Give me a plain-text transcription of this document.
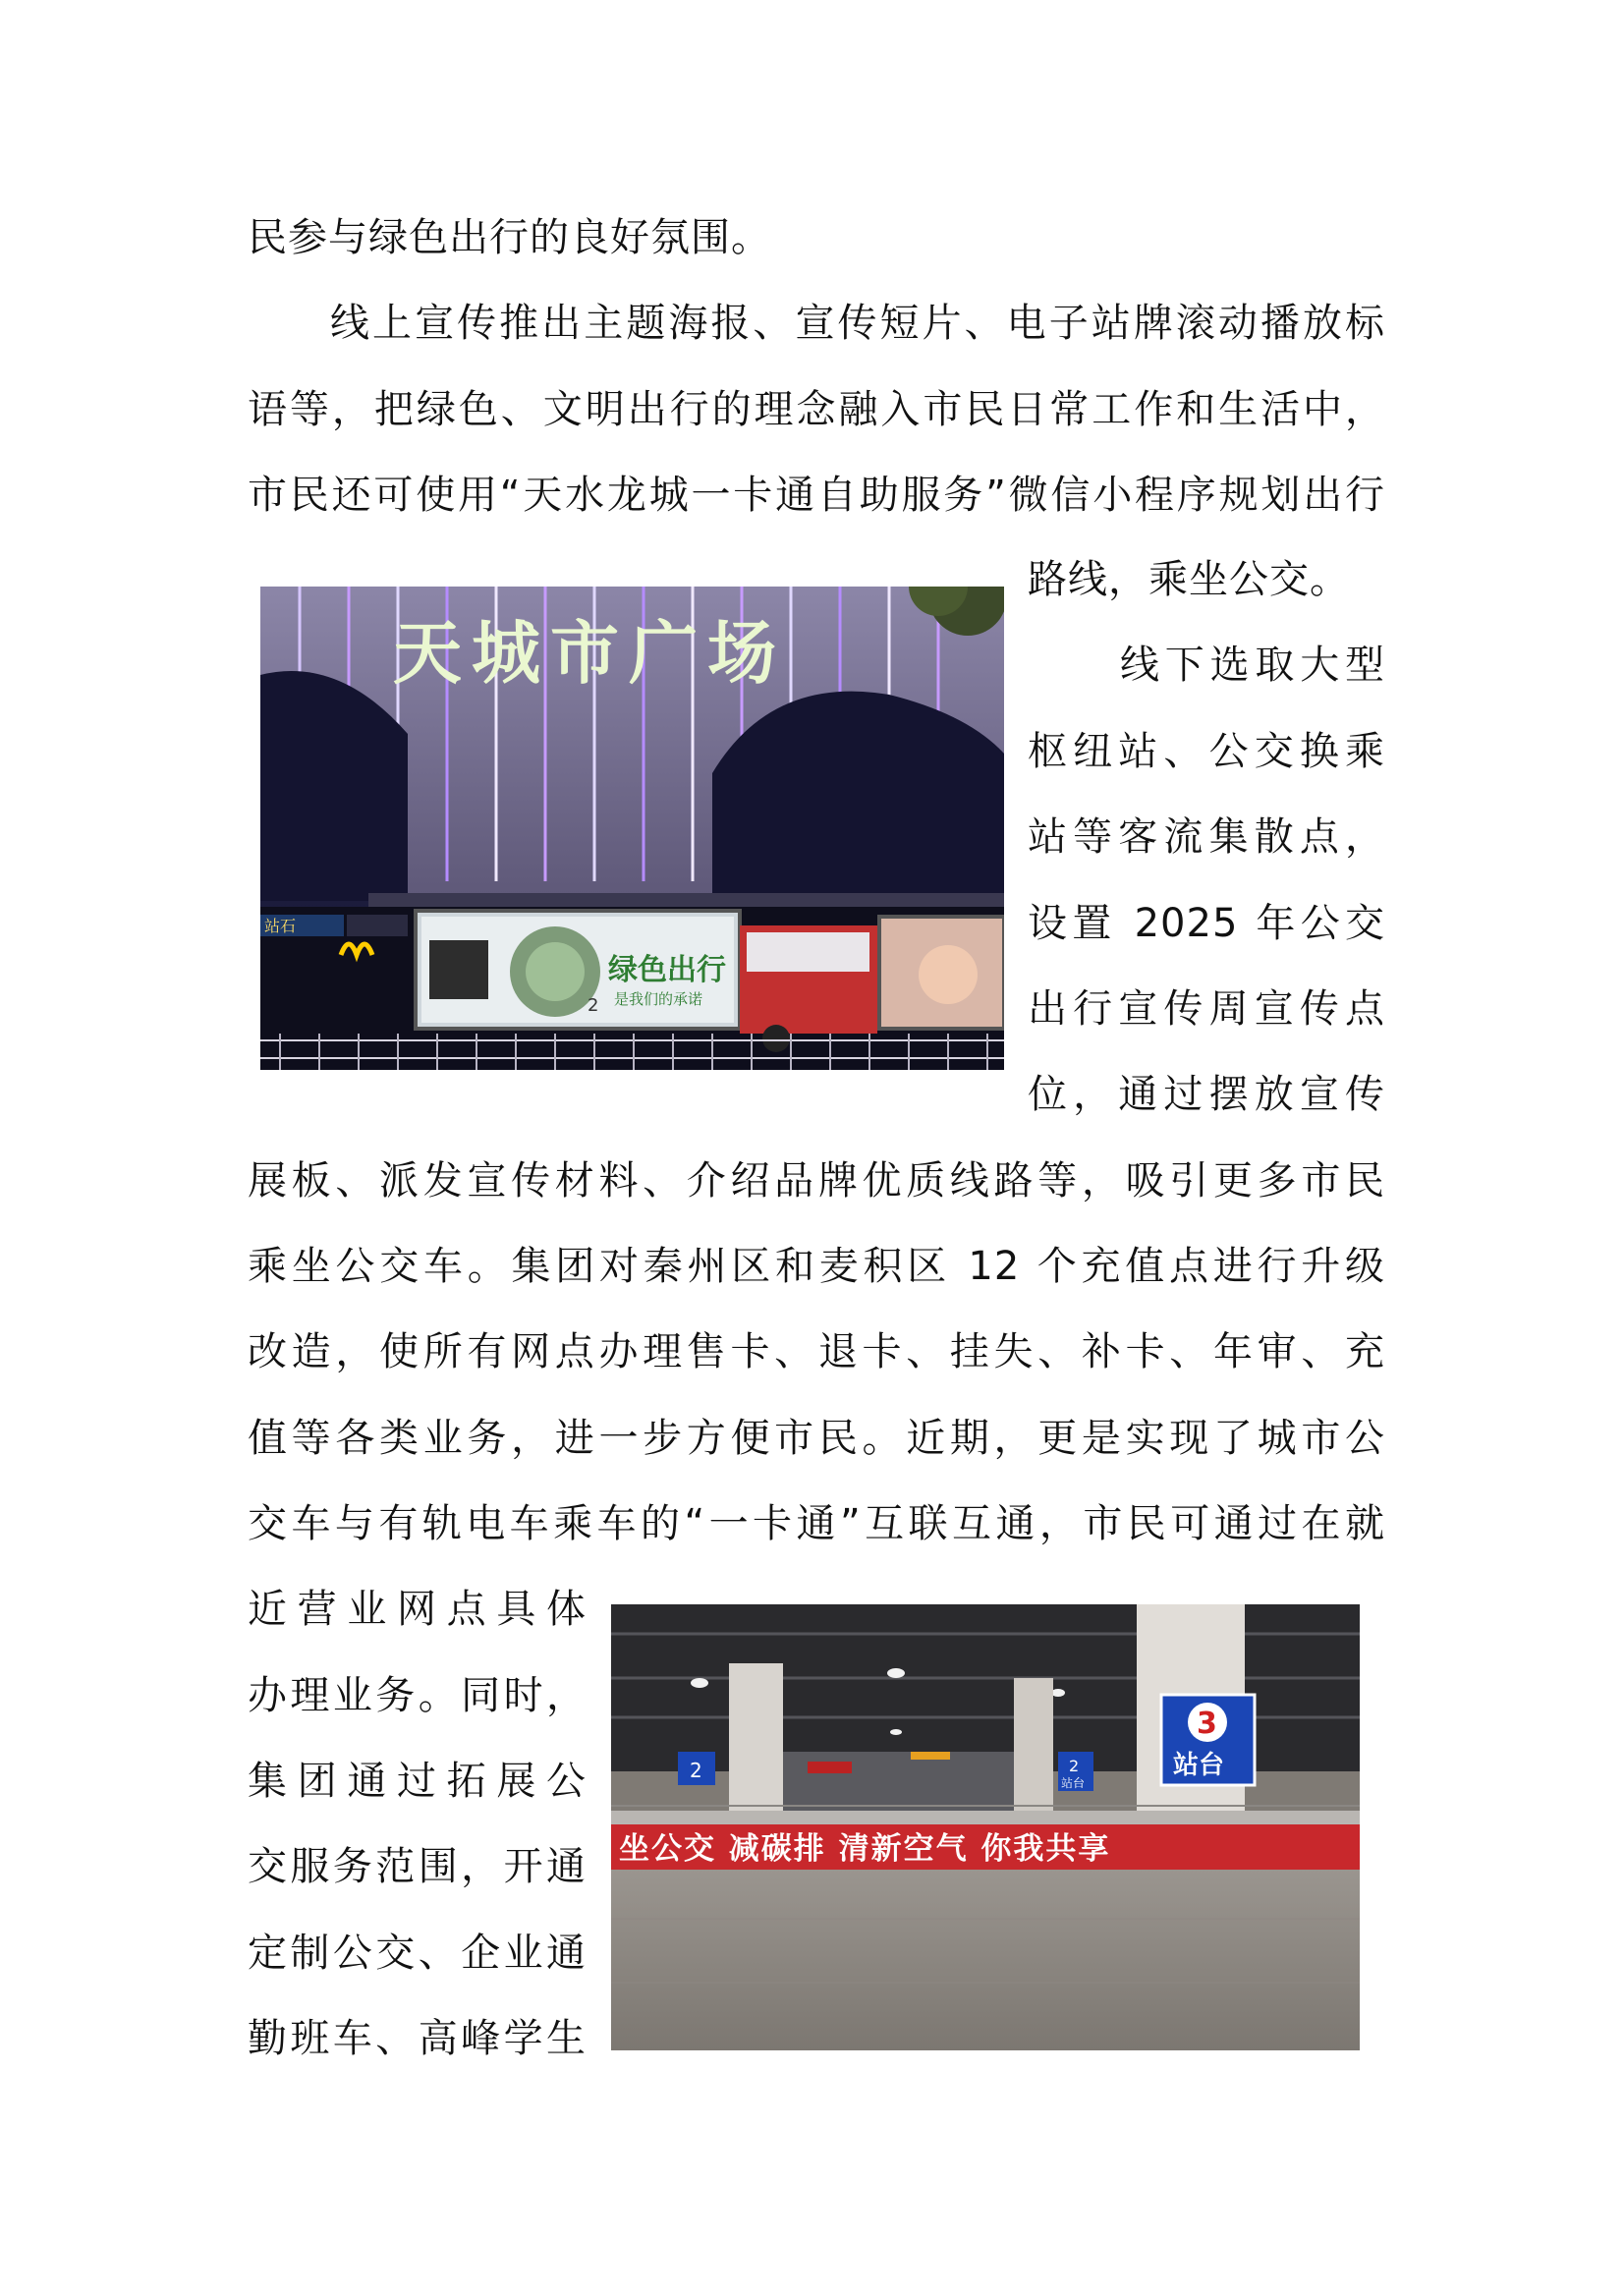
民参与绿色出行的良好氛围。
线上宣传推出主题海报、宣传短片、电子站牌滚动播放标
语等，把绿色、文明出行的理念融入市民日常工作和生活中，
市民还可使用“天水龙城一卡通自助服务”微信小程序规划出行
路线，乘坐公交。
线下选取大型
枢纽站、公交换乘
站等客流集散点，
设置 2025 年公交
出行宣传周宣传点
位，通过摆放宣传
展板、派发宣传材料、介绍品牌优质线路等，吸引更多市民
乘坐公交车。集团对秦州区和麦积区 12 个充值点进行升级
改造，使所有网点办理售卡、退卡、挂失、补卡、年审、充
值等各类业务，进一步方便市民。近期，更是实现了城市公
交车与有轨电车乘车的“一卡通”互联互通，市民可通过在就
近营业网点具体
办理业务。同时，
集团通过拓展公
交服务范围，开通
定制公交、企业通
勤班车、高峰学生
站石
绿色出行
是我们的承诺
2
天城市广场
2	2
站台
3
站台
坐公交 减碳排 清新空气 你我共享
